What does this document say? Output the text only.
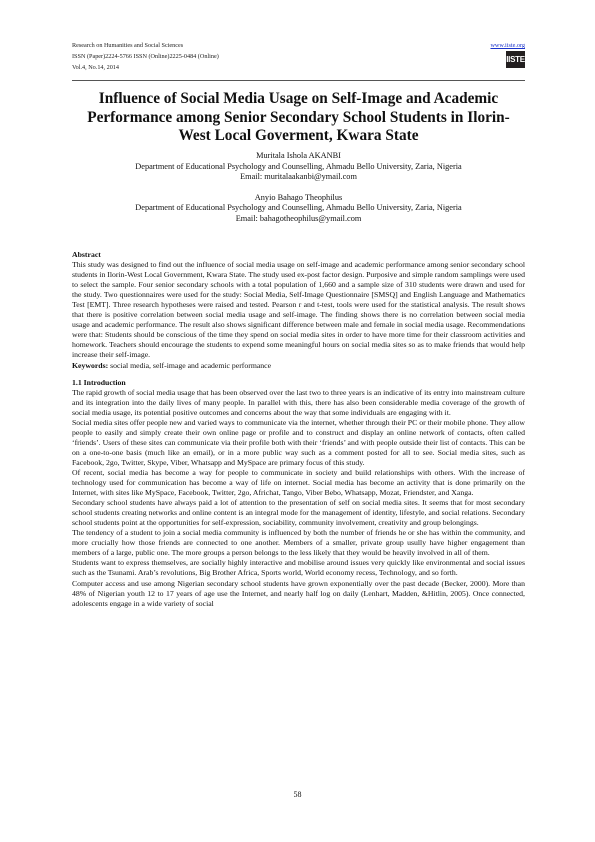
Research on Humanities and Social Sciences
ISSN (Paper)2224-5766 ISSN (Online)2225-0484 (Online)
Vol.4, No.14, 2014
www.iiste.org
IISTE
Influence of Social Media Usage on Self-Image and Academic Performance among Senior Secondary School Students in Ilorin-West Local Goverment, Kwara State
Muritala Ishola AKANBI
Department of Educational Psychology and Counselling, Ahmadu Bello University, Zaria, Nigeria
Email: muritalaakanbi@ymail.com
Anyio Bahago Theophilus
Department of Educational Psychology and Counselling, Ahmadu Bello University, Zaria, Nigeria
Email: bahagotheophilus@ymail.com

Abstract

This study was designed to find out the influence of social media usage on self-image and academic performance among senior secondary school students in Ilorin-West Local Government, Kwara State. The study used ex-post factor design. Purposive and simple random samplings were used to select the sample. Four senior secondary schools with a total population of 1,660 and a sample size of 310 students were drawn and used for the study. Two questionnaires were used for the study: Social Media, Self-Image Questionnaire [SMSQ] and English Language and Mathematics Test [EMT]. Three research hypotheses were raised and tested. Pearson r and t-test, tools were used for the statistical analysis. The result shows that there is positive correlation between social media usage and self-image. The finding shows there is no correlation between social media usage and academic performance. The result also shows significant difference between male and female in social media usage. Recommendations were that: Students should be conscious of the time they spend on social media sites in order to have more time for their classroom activities and homework. Teachers should encourage the students to expend some meaningful hours on social media sites so as to make friends that would help increase their self-image.

Keywords: social media, self-image and academic performance

1.1 Introduction

The rapid growth of social media usage that has been observed over the last two to three years is an indicative of its entry into mainstream culture and its integration into the daily lives of many people. In parallel with this, there has also been considerable media coverage of the growth of social media usage, its potential positive outcomes and concerns about the way that some individuals are engaging with it.

Social media sites offer people new and varied ways to communicate via the internet, whether through their PC or their mobile phone. They allow people to easily and simply create their own online page or profile and to construct and display an online network of contacts, often called ‘friends’. Users of these sites can communicate via their profile both with their ‘friends’ and with people outside their list of contacts. This can be on a one-to-one basis (much like an email), or in a more public way such as a comment posted for all to see. Social media sites, such as Facebook, 2go, Twitter, Skype, Viber, Whatsapp and MySpace are primary focus of this study.

Of recent, social media has become a way for people to communicate in society and build relationships with others. With the increase of technology used for communication has become a way of life on internet. Social media has become an activity that is done primarily on the Internet, with sites like MySpace, Facebook, Twitter, 2go, Africhat, Tango, Viber Bebo, Whatsapp, Mozat, Friendster, and Xanga.

Secondary school students have always paid a lot of attention to the presentation of self on social media sites. It seems that for most secondary school students creating networks and online content is an integral mode for the management of identity, lifestyle, and social relations. Secondary school students point at the opportunities for self-expression, sociability, community involvement, creativity and group belongings.

The tendency of a student to join a social media community is influenced by both the number of friends he or she has within the community, and more crucially how those friends are connected to one another. Members of a smaller, private group usully have higher engagement than members of a large, public one. The more groups a person belongs to the less likely that they would be heavily involved in all of them.

Students want to express themselves, are socially highly interactive and mobilise around issues very quickly like environmental and social issues such as the Tsunami. Arab’s revolutions, Big Brother Africa, Sports world, World economy recess, Technology, and so forth.

Computer access and use among Nigerian secondary school students have grown exponentially over the past decade (Becker, 2000). More than 48% of Nigerian youth 12 to 17 years of age use the Internet, and nearly half log on daily (Lenhart, Madden, &Hitlin, 2005). Once connected, adolescents engage in a wide variety of social

58
